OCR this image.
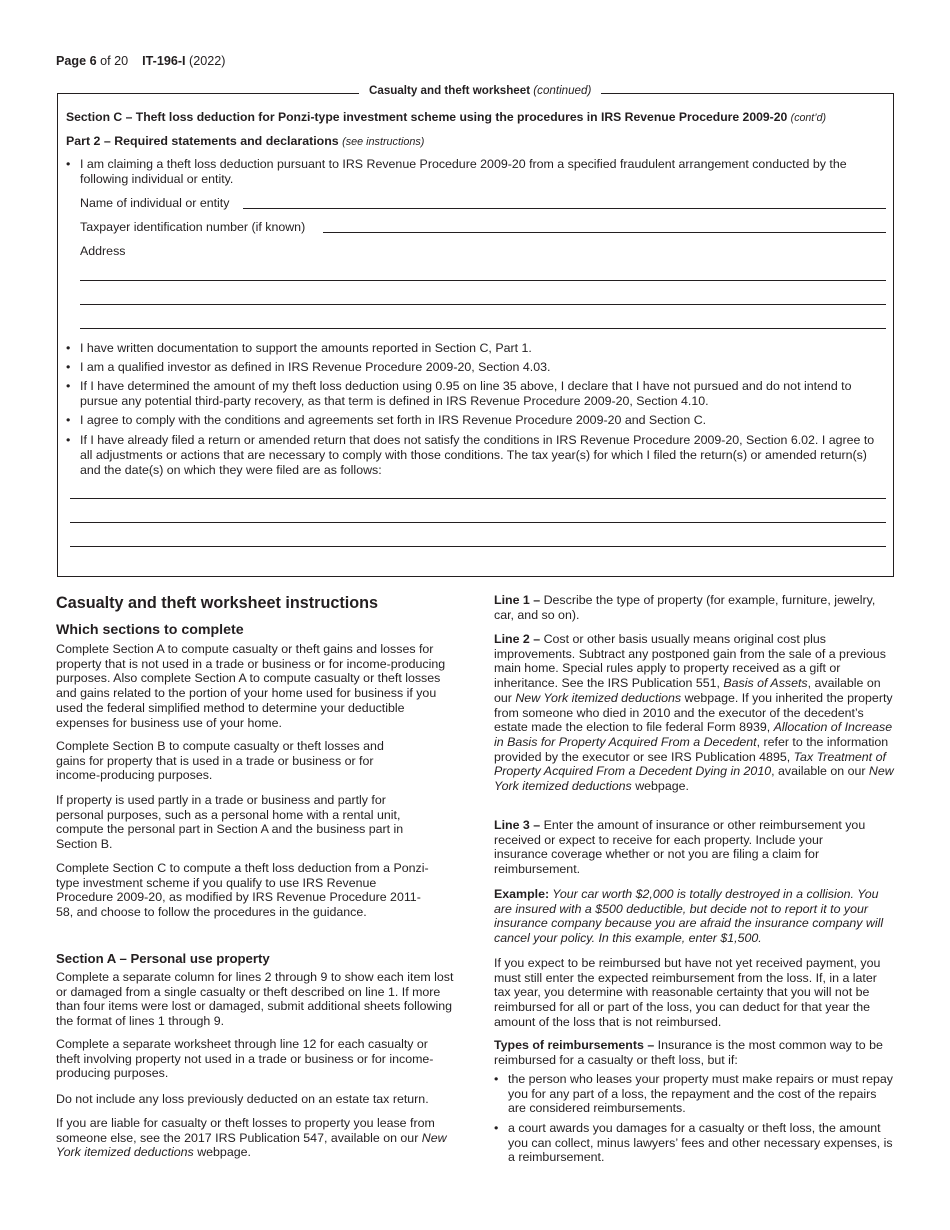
Page 6 of 20 IT-196-I (2022)
Casualty and theft worksheet (continued)
Section C – Theft loss deduction for Ponzi-type investment scheme using the procedures in IRS Revenue Procedure 2009-20 (cont’d)
Part 2 – Required statements and declarations (see instructions)
• I am claiming a theft loss deduction pursuant to IRS Revenue Procedure 2009-20 from a specified fraudulent arrangement conducted by the following individual or entity.
Name of individual or entity
Taxpayer identification number (if known)
Address
• I have written documentation to support the amounts reported in Section C, Part 1.
• I am a qualified investor as defined in IRS Revenue Procedure 2009-20, Section 4.03.
• If I have determined the amount of my theft loss deduction using 0.95 on line 35 above, I declare that I have not pursued and do not intend to pursue any potential third-party recovery, as that term is defined in IRS Revenue Procedure 2009-20, Section 4.10.
• I agree to comply with the conditions and agreements set forth in IRS Revenue Procedure 2009-20 and Section C.
• If I have already filed a return or amended return that does not satisfy the conditions in IRS Revenue Procedure 2009-20, Section 6.02. I agree to all adjustments or actions that are necessary to comply with those conditions. The tax year(s) for which I filed the return(s) or amended return(s) and the date(s) on which they were filed are as follows:
Casualty and theft worksheet instructions
Which sections to complete
Complete Section A to compute casualty or theft gains and losses for property that is not used in a trade or business or for income-producing purposes. Also complete Section A to compute casualty or theft losses and gains related to the portion of your home used for business if you used the federal simplified method to determine your deductible expenses for business use of your home.
Complete Section B to compute casualty or theft losses and gains for property that is used in a trade or business or for income-producing purposes.
If property is used partly in a trade or business and partly for personal purposes, such as a personal home with a rental unit, compute the personal part in Section A and the business part in Section B.
Complete Section C to compute a theft loss deduction from a Ponzi-type investment scheme if you qualify to use IRS Revenue Procedure 2009-20, as modified by IRS Revenue Procedure 2011-58, and choose to follow the procedures in the guidance.
Section A – Personal use property
Complete a separate column for lines 2 through 9 to show each item lost or damaged from a single casualty or theft described on line 1. If more than four items were lost or damaged, submit additional sheets following the format of lines 1 through 9.
Complete a separate worksheet through line 12 for each casualty or theft involving property not used in a trade or business or for income-producing purposes.
Do not include any loss previously deducted on an estate tax return.
If you are liable for casualty or theft losses to property you lease from someone else, see the 2017 IRS Publication 547, available on our New York itemized deductions webpage.
Line 1 – Describe the type of property (for example, furniture, jewelry, car, and so on).
Line 2 – Cost or other basis usually means original cost plus improvements. Subtract any postponed gain from the sale of a previous main home. Special rules apply to property received as a gift or inheritance. See the IRS Publication 551, Basis of Assets, available on our New York itemized deductions webpage. If you inherited the property from someone who died in 2010 and the executor of the decedent’s estate made the election to file federal Form 8939, Allocation of Increase in Basis for Property Acquired From a Decedent, refer to the information provided by the executor or see IRS Publication 4895, Tax Treatment of Property Acquired From a Decedent Dying in 2010, available on our New York itemized deductions webpage.
Line 3 – Enter the amount of insurance or other reimbursement you received or expect to receive for each property. Include your insurance coverage whether or not you are filing a claim for reimbursement.
Example: Your car worth $2,000 is totally destroyed in a collision. You are insured with a $500 deductible, but decide not to report it to your insurance company because you are afraid the insurance company will cancel your policy. In this example, enter $1,500.
If you expect to be reimbursed but have not yet received payment, you must still enter the expected reimbursement from the loss. If, in a later tax year, you determine with reasonable certainty that you will not be reimbursed for all or part of the loss, you can deduct for that year the amount of the loss that is not reimbursed.
Types of reimbursements – Insurance is the most common way to be reimbursed for a casualty or theft loss, but if:
• the person who leases your property must make repairs or must repay you for any part of a loss, the repayment and the cost of the repairs are considered reimbursements.
• a court awards you damages for a casualty or theft loss, the amount you can collect, minus lawyers’ fees and other necessary expenses, is a reimbursement.
